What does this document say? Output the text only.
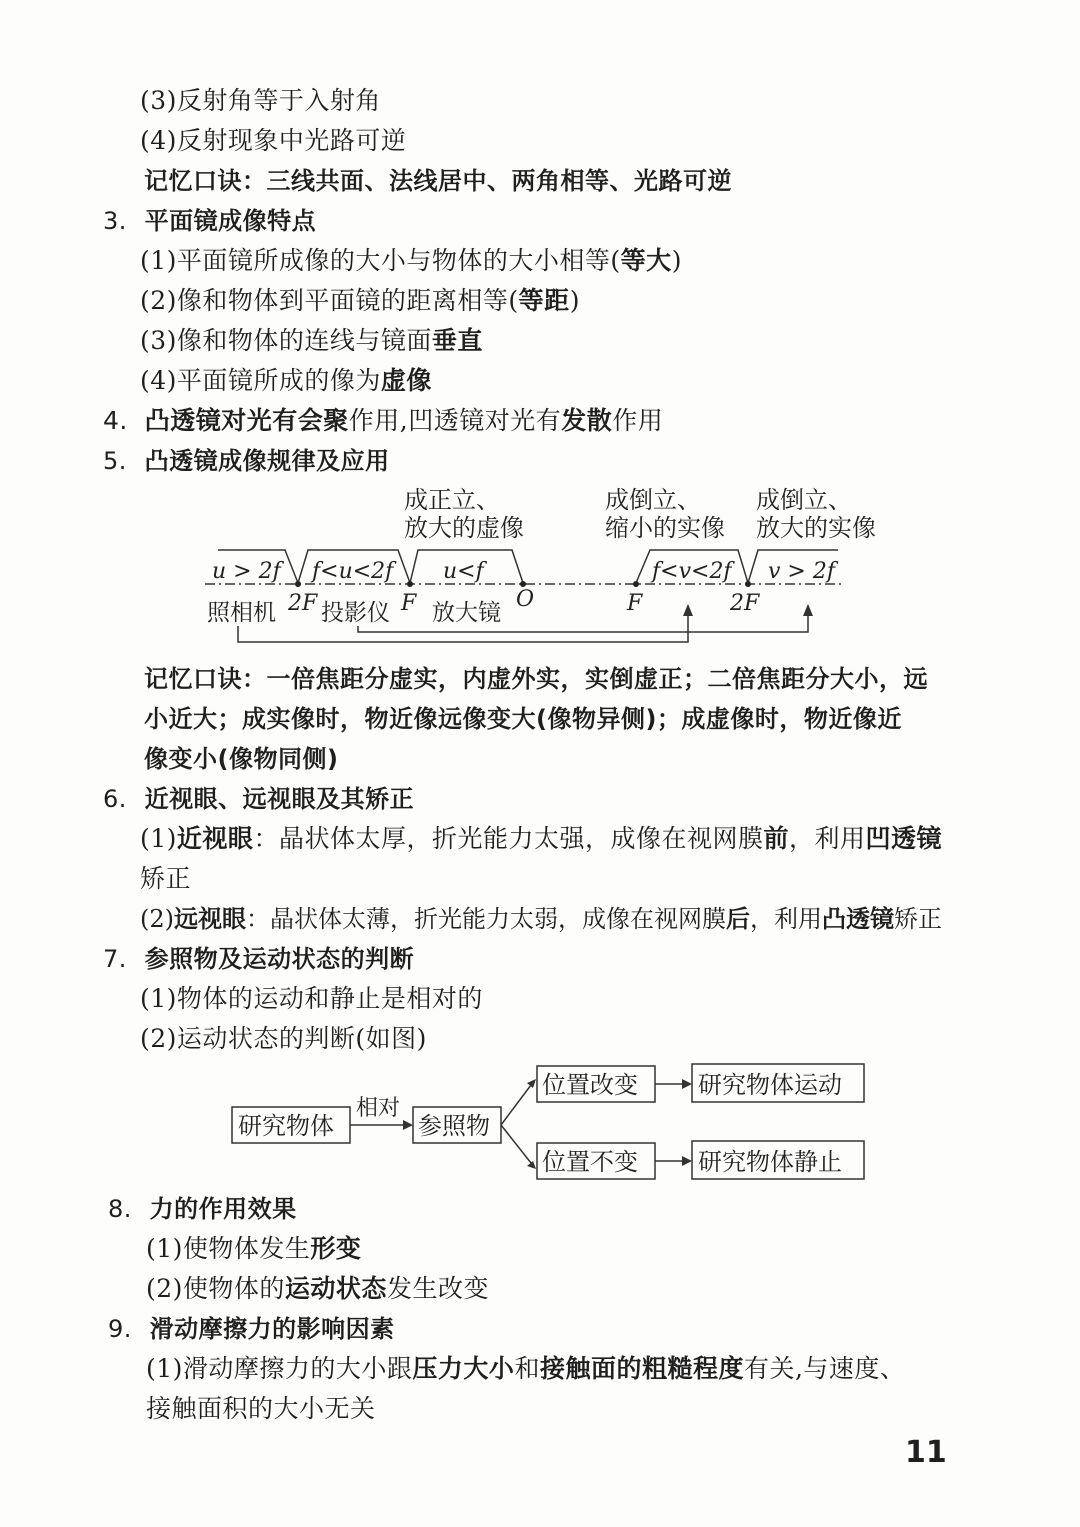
(3)反射角等于入射角
(4)反射现象中光路可逆
记忆口诀：三线共面、法线居中、两角相等、光路可逆
3. 平面镜成像特点
(1)平面镜所成像的大小与物体的大小相等(等大)
(2)像和物体到平面镜的距离相等(等距)
(3)像和物体的连线与镜面垂直
(4)平面镜所成的像为虚像
4. 凸透镜对光有会聚作用,凹透镜对光有发散作用
5. 凸透镜成像规律及应用
成正立、
放大的虚像
成倒立、
缩小的实像
成倒立、
放大的实像
u > 2f f<u<2f u<f	f<v<2f v > 2f
2F	F	O	F	2F
照相机 投影仪 放大镜
记忆口诀：一倍焦距分虚实，内虚外实，实倒虚正；二倍焦距分大小，远
小近大；成实像时，物近像远像变大(像物异侧)；成虚像时，物近像近
像变小(像物同侧)
6. 近视眼、远视眼及其矫正
(1)近视眼：晶状体太厚，折光能力太强，成像在视网膜前，利用凹透镜
矫正
(2)远视眼：晶状体太薄，折光能力太弱，成像在视网膜后，利用凸透镜矫正
7. 参照物及运动状态的判断
(1)物体的运动和静止是相对的
(2)运动状态的判断(如图)
研究物体
相对
参照物
位置改变	研究物体运动
位置不变	研究物体静止
8. 力的作用效果
(1)使物体发生形变
(2)使物体的运动状态发生改变
9. 滑动摩擦力的影响因素
(1)滑动摩擦力的大小跟压力大小和接触面的粗糙程度有关,与速度、
接触面积的大小无关
11
